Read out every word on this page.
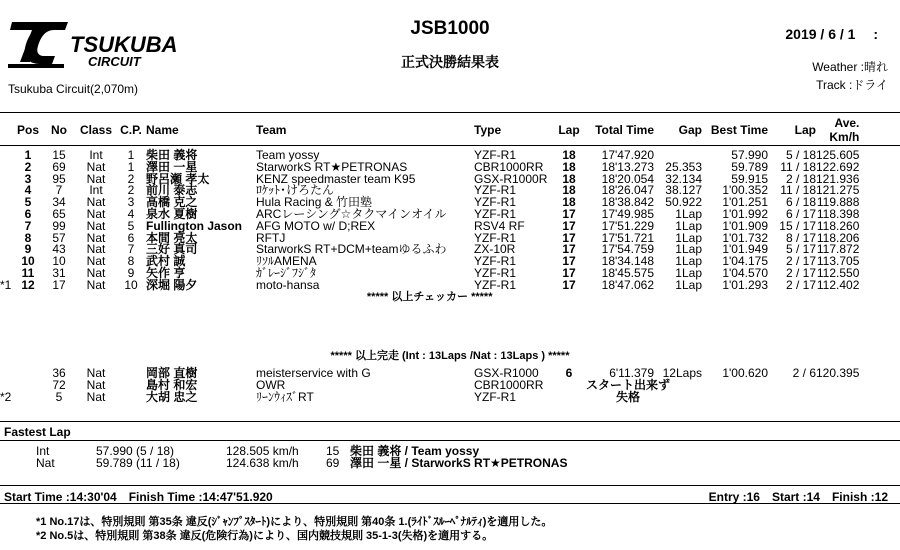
TSUKUBA
CIRCUIT
Tsukuba Circuit(2,070m)
JSB1000
正式決勝結果表
2019 / 6 / 1　 :
Weather :晴れ
Track :ドライ
	Pos	No	Class	C.P.	Name	Team	Type	Lap	Total Time	Gap	Best Time	Lap	Ave.
Km/h

	1	15	Int	1	柴田 義将	Team yossy	YZF-R1	18	17'47.920		57.990	5 / 18	125.605
	2	69	Nat	1	澤田 一星	StarworkS RT★PETRONAS	CBR1000RR	18	18'13.273	25.353	59.789	11 / 18	122.692
	3	95	Nat	2	野呂瀬 孝太	KENZ speedmaster team K95	GSX-R1000R	18	18'20.054	32.134	59.915	2 / 18	121.936
	4	7	Int	2	前川 泰志	ﾛｹｯﾄ･けろたん	YZF-R1	18	18'26.047	38.127	1'00.352	11 / 18	121.275
	5	34	Nat	3	高橋 克之	Hula Racing & 竹田塾	YZF-R1	18	18'38.842	50.922	1'01.251	6 / 18	119.888
	6	65	Nat	4	泉水 夏樹	ARCレーシング☆タクマインオイル	YZF-R1	17	17'49.985	1Lap	1'01.992	6 / 17	118.398
	7	99	Nat	5	Fullington Jason	AFG MOTO w/ D;REX	RSV4 RF	17	17'51.229	1Lap	1'01.909	15 / 17	118.260
	8	57	Nat	6	本間 亮太	RFTJ	YZF-R1	17	17'51.721	1Lap	1'01.732	8 / 17	118.206
	9	43	Nat	7	三好 真司	StarworkS RT+DCM+teamゆるふわ	ZX-10R	17	17'54.759	1Lap	1'01.949	5 / 17	117.872
	10	10	Nat	8	武村 誠	ﾘｿﾙAMENA	YZF-R1	17	18'34.148	1Lap	1'04.175	2 / 17	113.705
	11	31	Nat	9	矢作 亨	ｶﾞﾚｰｼﾞﾌｼﾞﾀ	YZF-R1	17	18'45.575	1Lap	1'04.570	2 / 17	112.550
*1	12	17	Nat	10	深堀 陽夕	moto-hansa	YZF-R1	17	18'47.062	1Lap	1'01.293	2 / 17	112.402
***** 以上チェッカー *****													
***** 以上完走 (Int : 13Laps /Nat : 13Laps ) *****
		36	Nat		岡部 直樹	meisterservice with G	GSX-R1000	6	6'11.379	12Laps	1'00.620	2 / 6	120.395
		72	Nat		島村 和宏	OWR	CBR1000RR	スタート出来ず					
*2		5	Nat		大胡 忠之	ﾘｰﾝｳｨｽﾞRT	YZF-R1	失格					
Fastest Lap
Int	57.990 (5 / 18)	128.505 km/h	15	柴田 義将 / Team yossy
Nat	59.789 (11 / 18)	124.638 km/h	69	澤田 一星 / StarworkS RT★PETRONAS
Start Time :14:30'04　Finish Time :14:47'51.920	Entry :16　Start :14　Finish :12
*1 No.17は、特別規則 第35条 違反(ｼﾞｬﾝﾌﾟｽﾀｰﾄ)により、特別規則 第40条 1.(ﾗｲﾄﾞｽﾙｰﾍﾟﾅﾙﾃｨ)を適用した。
*2 No.5は、特別規則 第38条 違反(危険行為)により、国内競技規則 35-1-3(失格)を適用する。
